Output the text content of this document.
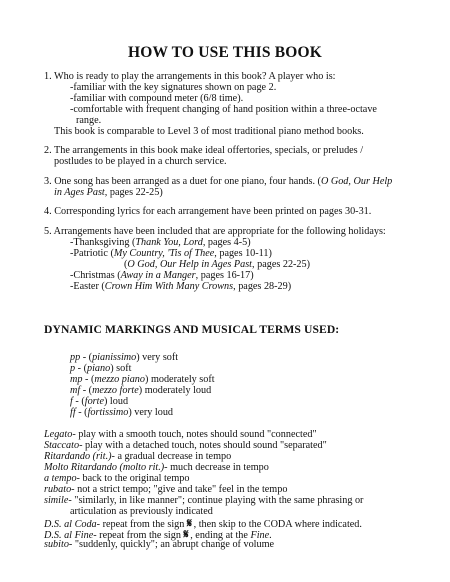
HOW TO USE THIS BOOK
1. Who is ready to play the arrangements in this book? A player who is:
-familiar with the key signatures shown on page 2.
-familiar with compound meter (6/8 time).
-comfortable with frequent changing of hand position within a three-octave
range.
This book is comparable to Level 3 of most traditional piano method books.
2. The arrangements in this book make ideal offertories, specials, or preludes /
postludes to be played in a church service.
3. One song has been arranged as a duet for one piano, four hands. (O God, Our Help
in Ages Past, pages 22-25)
4. Corresponding lyrics for each arrangement have been printed on pages 30-31.
5. Arrangements have been included that are appropriate for the following holidays:
-Thanksgiving (Thank You, Lord, pages 4-5)
-Patriotic (My Country, 'Tis of Thee, pages 10-11)
(O God, Our Help in Ages Past, pages 22-25)
-Christmas (Away in a Manger, pages 16-17)
-Easter (Crown Him With Many Crowns, pages 28-29)
DYNAMIC MARKINGS AND MUSICAL TERMS USED:
pp - (pianissimo) very soft
p - (piano) soft
mp - (mezzo piano) moderately soft
mf - (mezzo forte) moderately loud
f - (forte) loud
ff - (fortissimo) very loud
Legato- play with a smooth touch, notes should sound "connected"
Staccato- play with a detached touch, notes should sound "separated"
Ritardando (rit.)- a gradual decrease in tempo
Molto Ritardando (molto rit.)- much decrease in tempo
a tempo- back to the original tempo
rubato- not a strict tempo; "give and take" feel in the tempo
simile- "similarly, in like manner"; continue playing with the same phrasing or
articulation as previously indicated
D.S. al Coda- repeat from the sign 𝄋 , then skip to the CODA where indicated.
D.S. al Fine- repeat from the sign 𝄋 , ending at the Fine.
subito- "suddenly, quickly"; an abrupt change of volume
